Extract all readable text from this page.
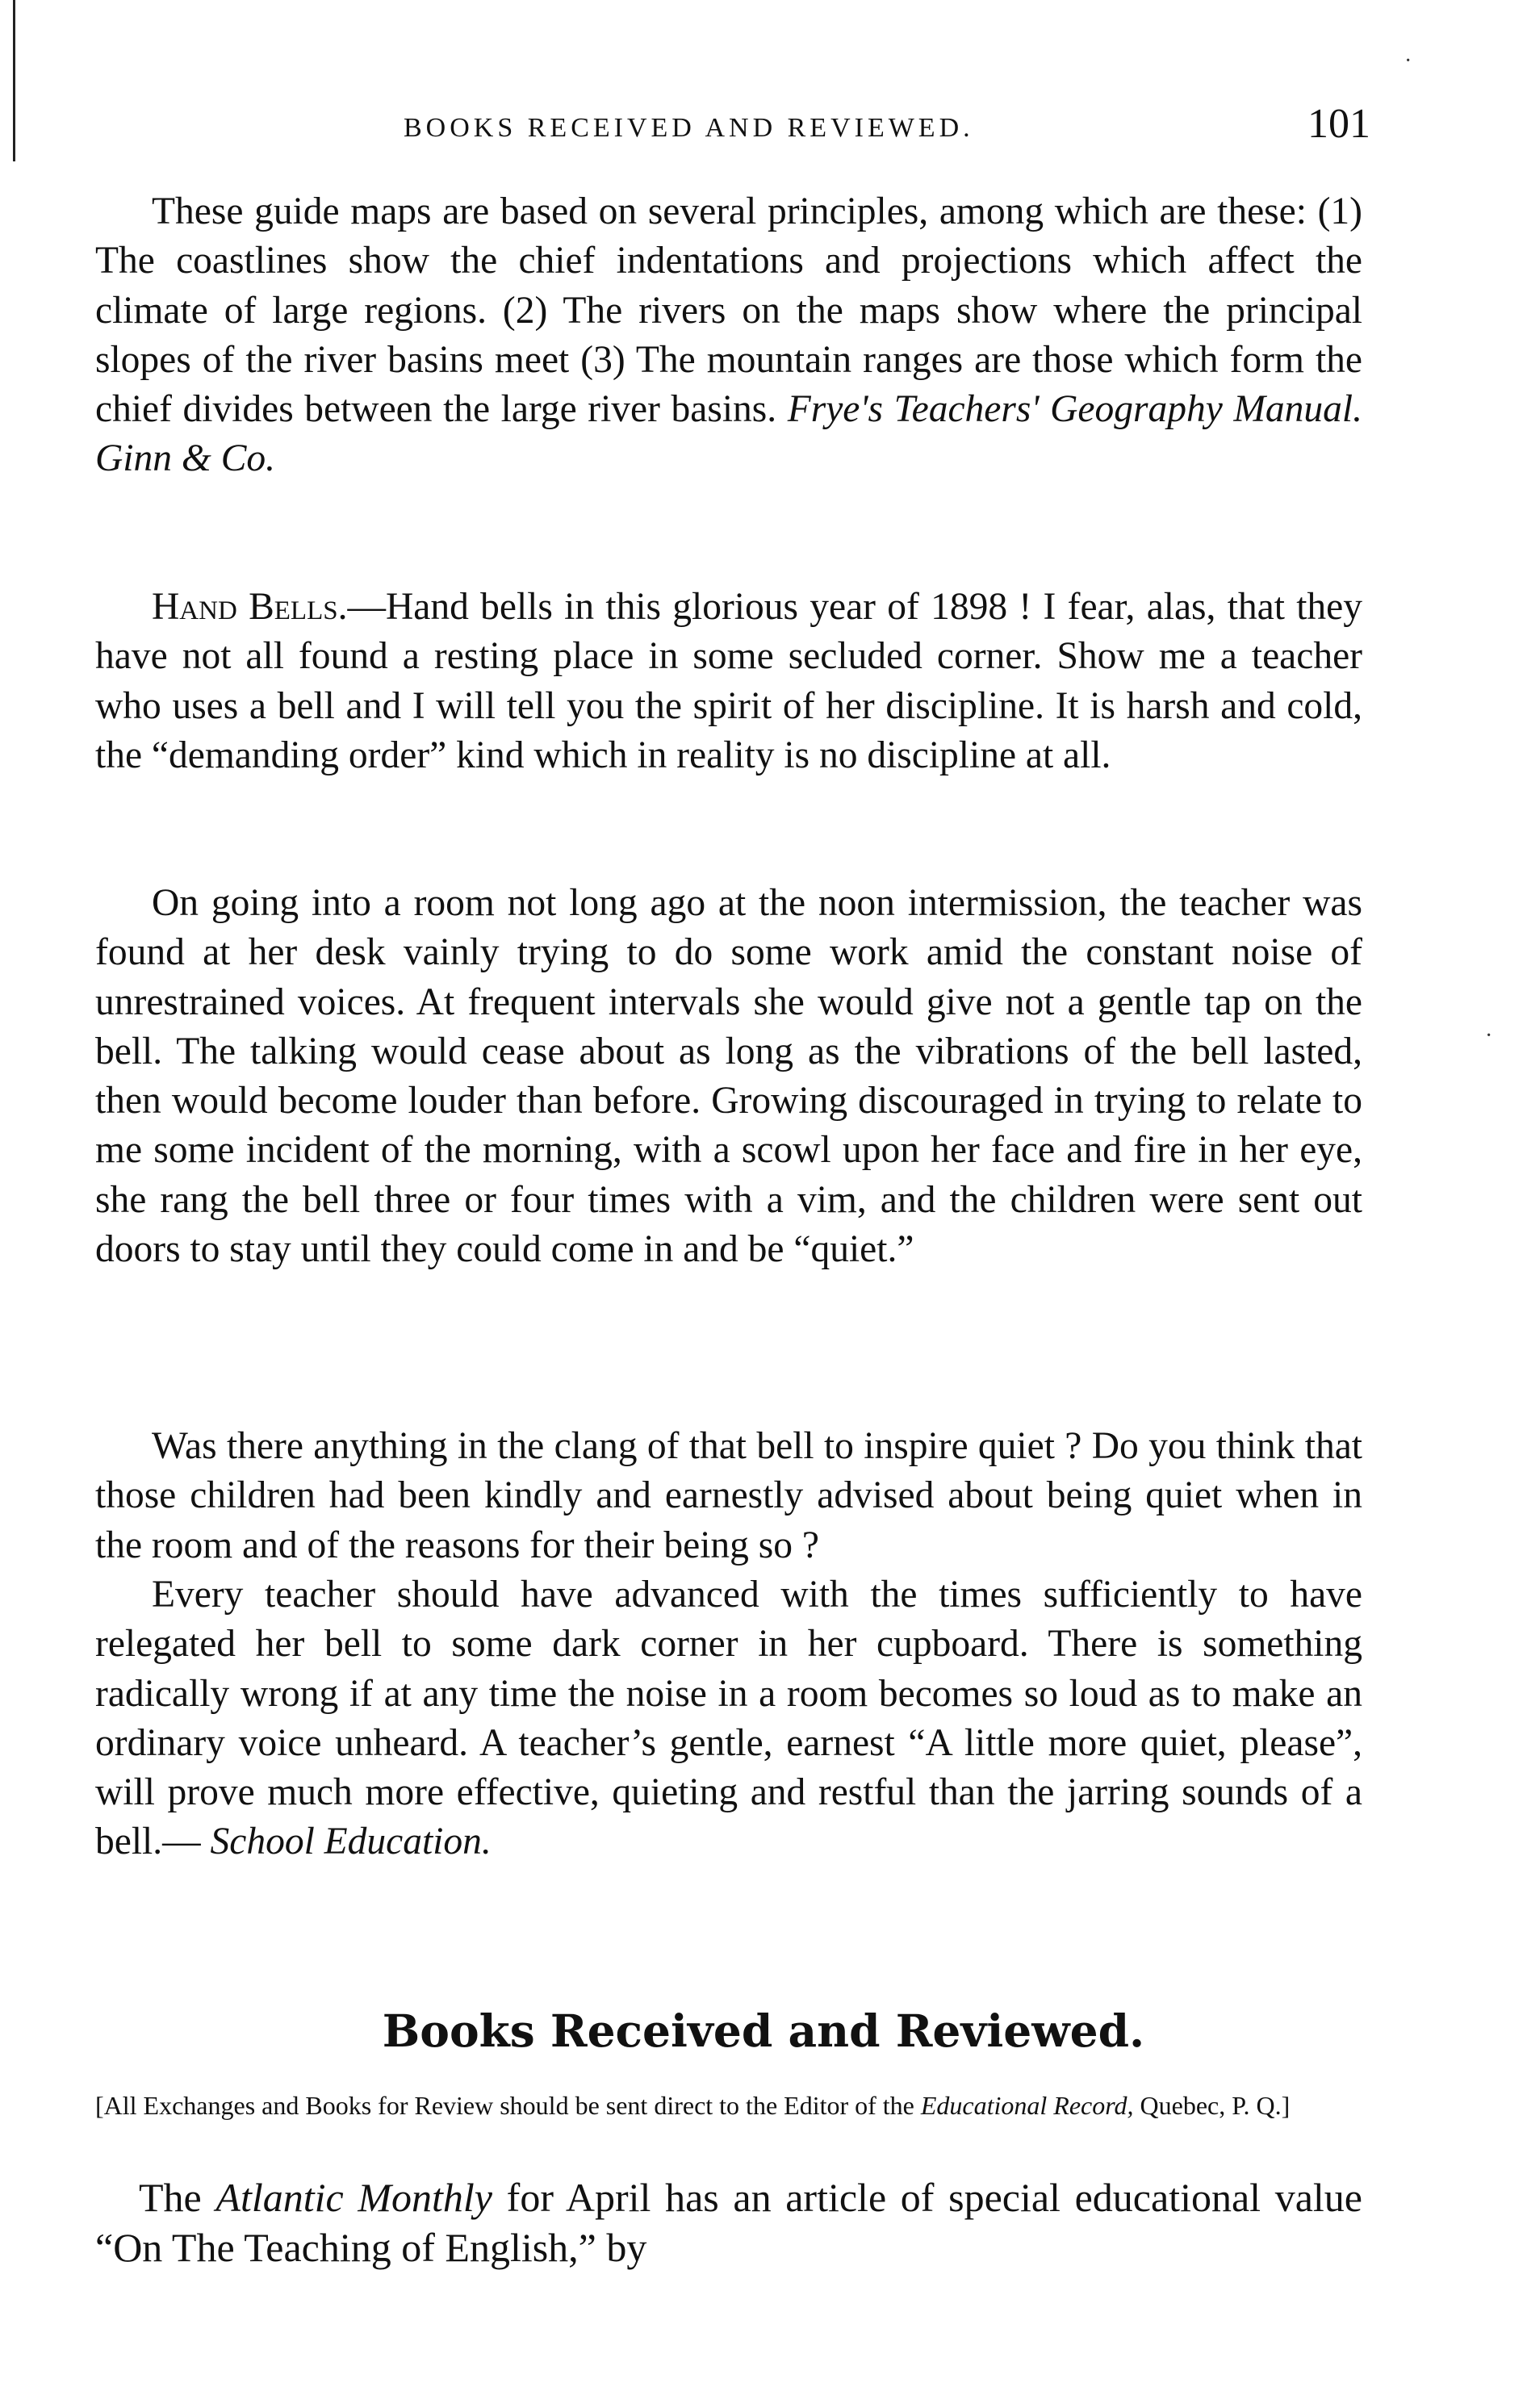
·
·
BOOKS RECEIVED AND REVIEWED.	101

These guide maps are based on several principles, among which are these: (1) The coastlines show the chief indentations and projections which affect the climate of large regions. (2) The rivers on the maps show where the principal slopes of the river basins meet (3) The mountain ranges are those which form the chief divides between the large river basins. Frye's Teachers' Geography Manual. Ginn & Co.

Hand Bells.—Hand bells in this glorious year of 1898 ! I fear, alas, that they have not all found a resting place in some secluded corner. Show me a teacher who uses a bell and I will tell you the spirit of her discipline. It is harsh and cold, the “demanding order” kind which in reality is no discipline at all.

On going into a room not long ago at the noon intermission, the teacher was found at her desk vainly trying to do some work amid the constant noise of unrestrained voices. At frequent intervals she would give not a gentle tap on the bell. The talking would cease about as long as the vibrations of the bell lasted, then would become louder than before. Growing discouraged in trying to relate to me some incident of the morning, with a scowl upon her face and fire in her eye, she rang the bell three or four times with a vim, and the children were sent out doors to stay until they could come in and be “quiet.”

Was there anything in the clang of that bell to inspire quiet ? Do you think that those children had been kindly and earnestly advised about being quiet when in the room and of the reasons for their being so ?

Every teacher should have advanced with the times sufficiently to have relegated her bell to some dark corner in her cupboard. There is something radically wrong if at any time the noise in a room becomes so loud as to make an ordinary voice unheard. A teacher’s gentle, earnest “A little more quiet, please”, will prove much more effective, quieting and restful than the jarring sounds of a bell.— School Education.

Books Received and Reviewed.
[All Exchanges and Books for Review should be sent direct to the Editor of the Educational Record, Quebec, P. Q.]

The Atlantic Monthly for April has an article of special educational value “On The Teaching of English,” by
